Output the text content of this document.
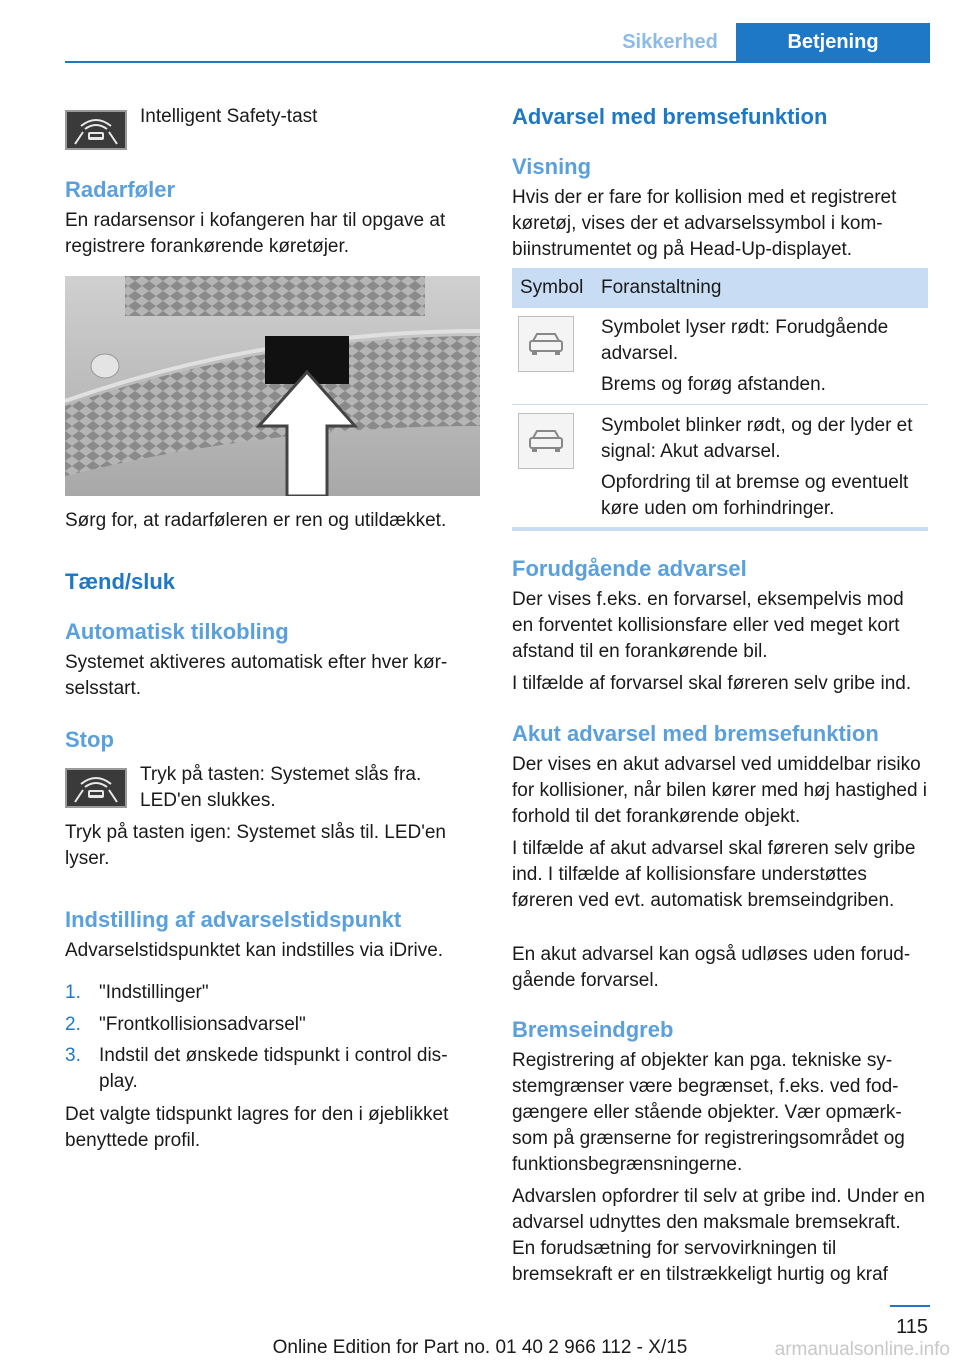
Sikkerhed	Betjening

Intelligent Safety-tast

Radarføler

En radarsensor i kofangeren har til opgave at registrere forankørende køretøjer.

Sørg for, at radarføleren er ren og utildækket.

Tænd/sluk
Automatisk tilkobling

Systemet aktiveres automatisk efter hver kørselsstart.

Stop

Tryk på tasten: Systemet slås fra. LED'en slukkes.

Tryk på tasten igen: Systemet slås til. LED'en lyser.

Indstilling af advarselstidspunkt

Advarselstidspunktet kan indstilles via iDrive.

1. "Indstillinger"
2. "Frontkollisionsadvarsel"
3. Indstil det ønskede tidspunkt i control display.

Det valgte tidspunkt lagres for den i øjeblikket benyttede profil.

Advarsel med bremsefunktion
Visning

Hvis der er fare for kollision med et registreret køretøj, vises der et advarselssymbol i kombiinstrumentet og på Head-Up-displayet.

Symbol Foranstaltning

Symbolet lyser rødt: Forudgående advarsel.

Brems og forøg afstanden.

Symbolet blinker rødt, og der lyder et signal: Akut advarsel.

Opfordring til at bremse og eventuelt køre uden om forhindringer.

Forudgående advarsel

Der vises f.eks. en forvarsel, eksempelvis mod en forventet kollisionsfare eller ved meget kort afstand til en forankørende bil.

I tilfælde af forvarsel skal føreren selv gribe ind.

Akut advarsel med bremsefunktion

Der vises en akut advarsel ved umiddelbar risiko for kollisioner, når bilen kører med høj hastighed i forhold til det forankørende objekt.

I tilfælde af akut advarsel skal føreren selv gribe ind. I tilfælde af kollisionsfare understøttes føreren ved evt. automatisk bremseindgriben.

En akut advarsel kan også udløses uden forudgående forvarsel.

Bremseindgreb

Registrering af objekter kan pga. tekniske systemgrænser være begrænset, f.eks. ved fodgængere eller stående objekter. Vær opmærksom på grænserne for registreringsområdet og funktionsbegrænsningerne.

Advarslen opfordrer til selv at gribe ind. Under en advarsel udnyttes den maksmale bremsekraft. En forudsætning for servovirkningen til bremsekraft er en tilstrækkeligt hurtig og kraf

115
Online Edition for Part no. 01 40 2 966 112 - X/15	armanualsonline.info
